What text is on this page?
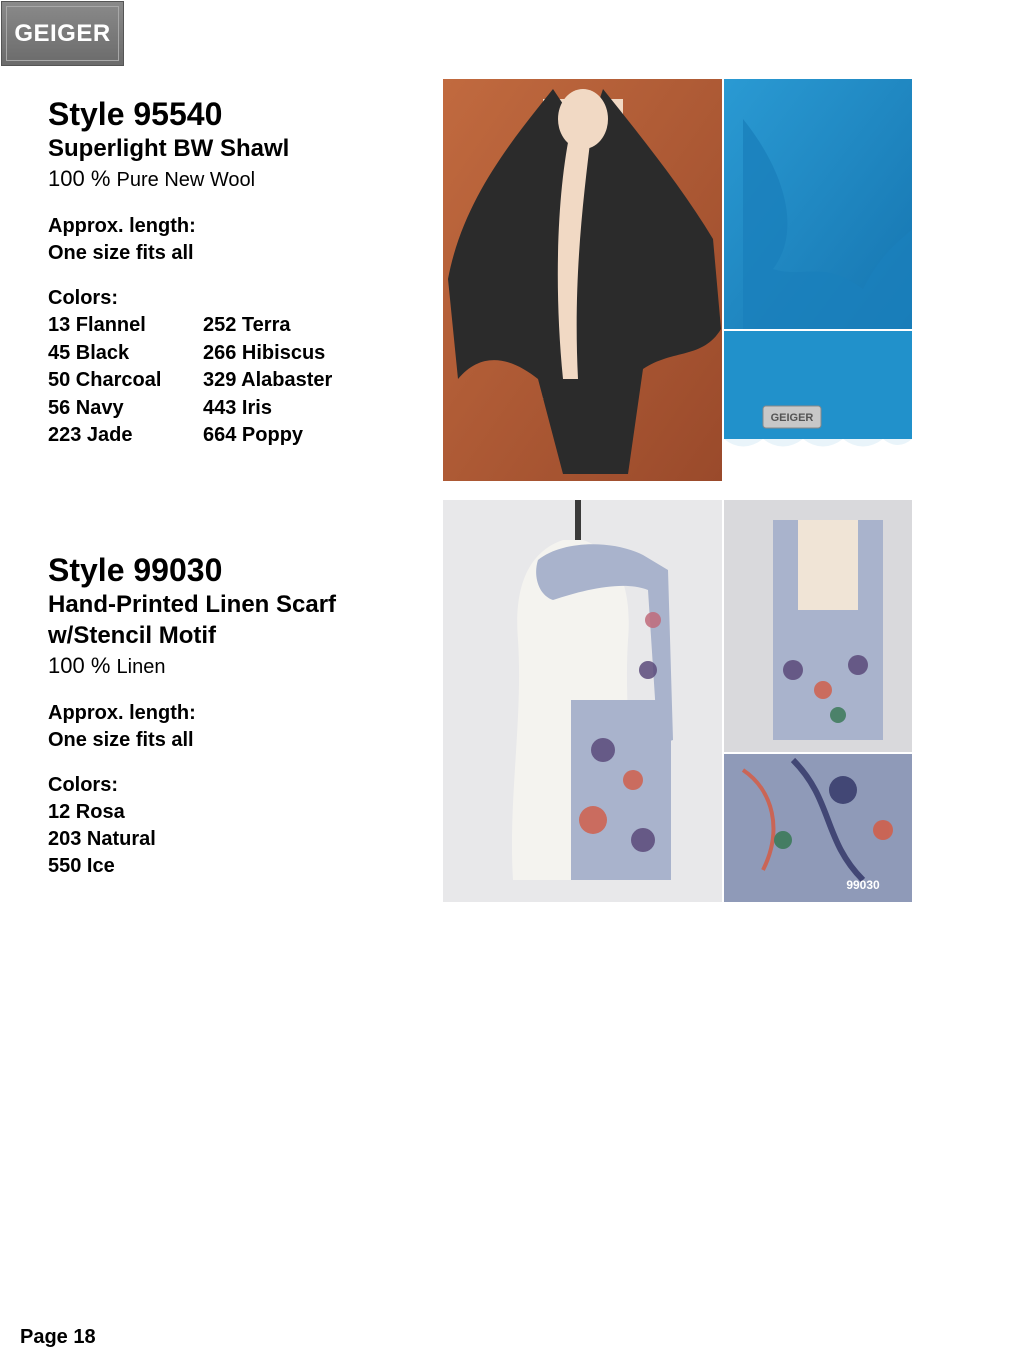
GEIGER

Style 95540

Superlight BW Shawl

100 % Pure New Wool

Approx. length:

One size fits all

Colors:

13 Flannel	252 Terra
45 Black	266 Hibiscus
50 Charcoal	329 Alabaster
56 Navy	443 Iris
223 Jade	664 Poppy
GEIGER
95540

Style 99030

Hand-Printed Linen Scarf

w/Stencil Motif

100 % Linen

Approx. length:

One size fits all

Colors:

12 Rosa

203 Natural

550 Ice

99030
Page 18
